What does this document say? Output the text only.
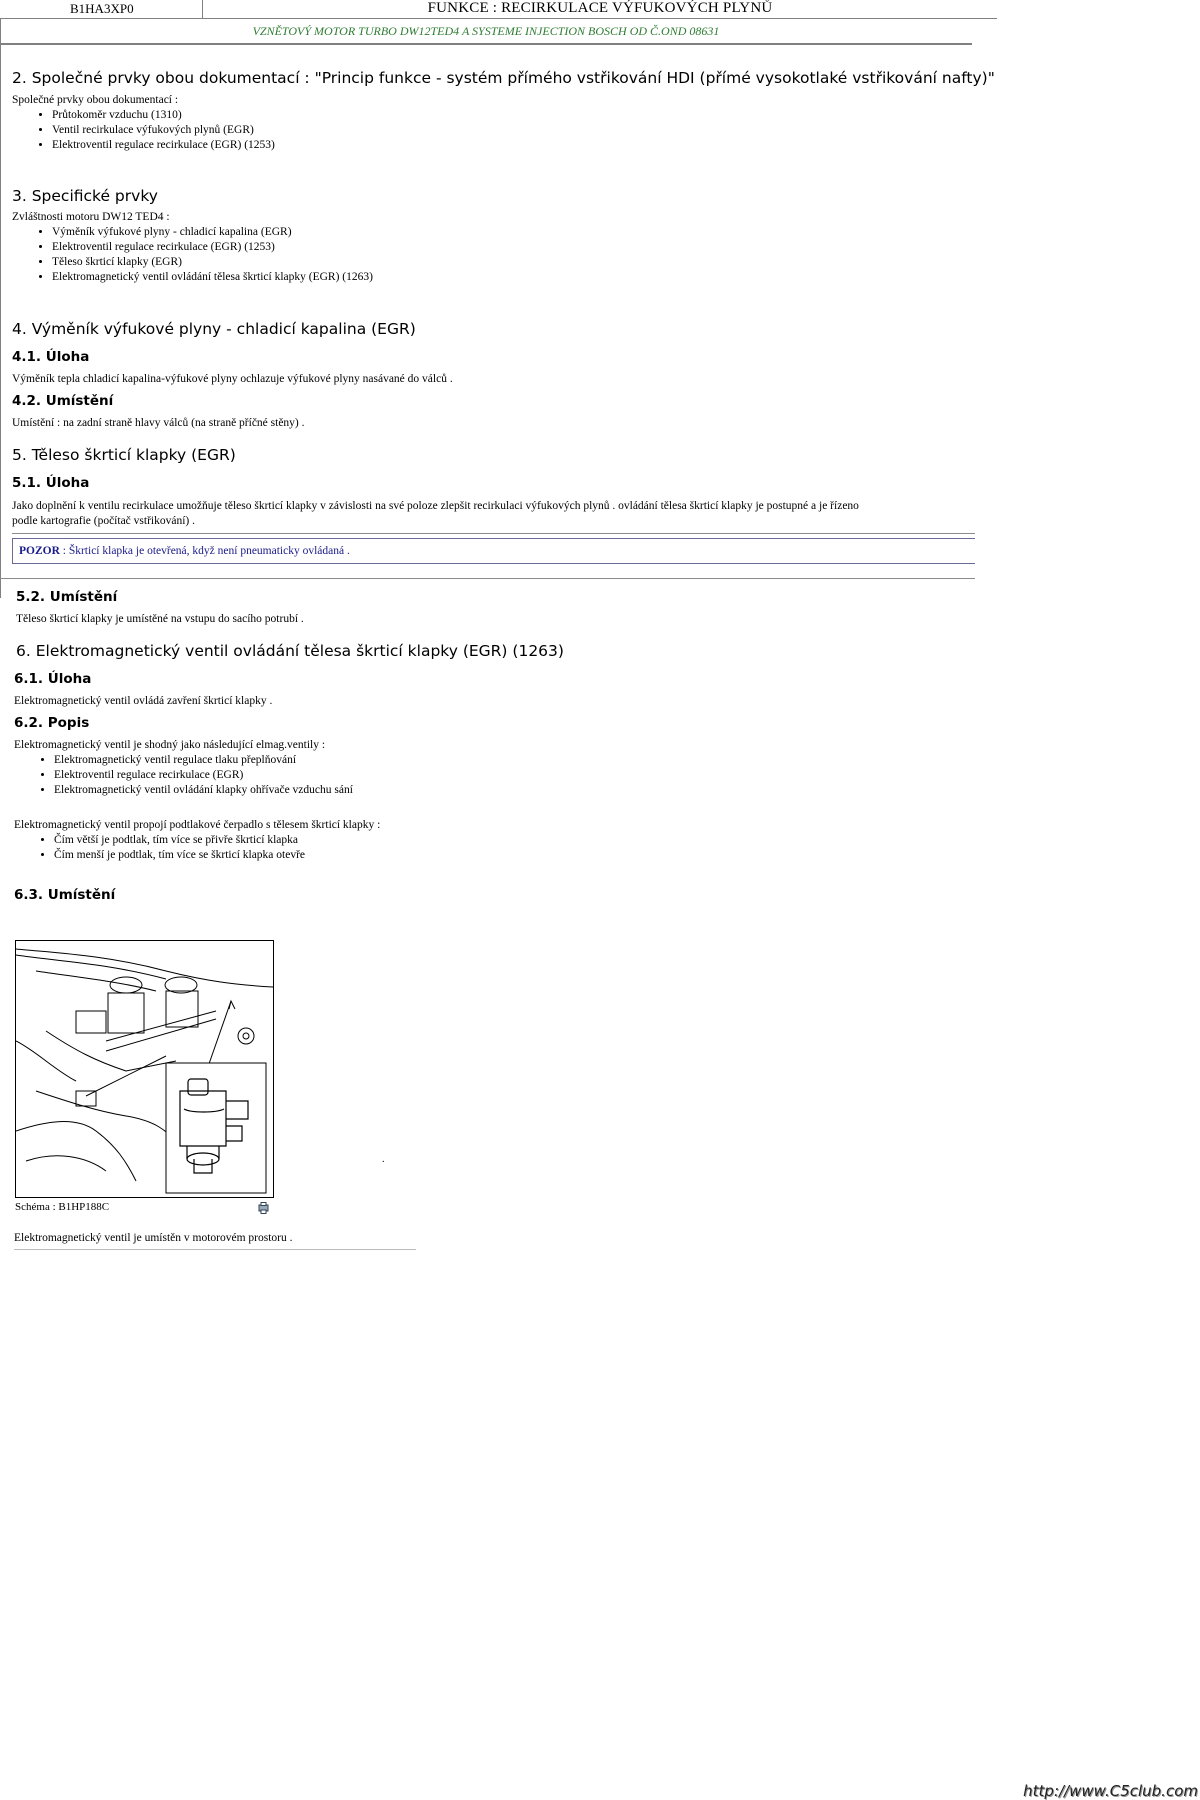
B1HA3XP0	FUNKCE : RECIRKULACE VÝFUKOVÝCH PLYNŮ
VZNĚTOVÝ MOTOR TURBO DW12TED4 A SYSTEME INJECTION BOSCH OD Č.OND 08631
2. Společné prvky obou dokumentací : "Princip funkce - systém přímého vstřikování HDI (přímé vysokotlaké vstřikování nafty)"

Společné prvky obou dokumentací :

• Průtokoměr vzduchu (1310)
• Ventil recirkulace výfukových plynů (EGR)
• Elektroventil regulace recirkulace (EGR) (1253)
3. Specifické prvky

Zvláštnosti motoru DW12 TED4 :

• Výměník výfukové plyny - chladicí kapalina (EGR)
• Elektroventil regulace recirkulace (EGR) (1253)
• Těleso škrticí klapky (EGR)
• Elektromagnetický ventil ovládání tělesa škrticí klapky (EGR) (1263)
4. Výměník výfukové plyny - chladicí kapalina (EGR)
4.1. Úloha

Výměník tepla chladicí kapalina-výfukové plyny ochlazuje výfukové plyny nasávané do válců .

4.2. Umístění

Umístění : na zadní straně hlavy válců (na straně příčné stěny) .

5. Těleso škrticí klapky (EGR)
5.1. Úloha

Jako doplnění k ventilu recirkulace umožňuje těleso škrticí klapky v závislosti na své poloze zlepšit recirkulaci výfukových plynů . ovládání tělesa škrticí klapky je postupné a je řízeno

podle kartografie (počítač vstřikování) .

POZOR : Škrticí klapka je otevřená, když není pneumaticky ovládaná .
5.2. Umístění

Těleso škrticí klapky je umístěné na vstupu do sacího potrubí .

6. Elektromagnetický ventil ovládání tělesa škrticí klapky (EGR) (1263)
6.1. Úloha

Elektromagnetický ventil ovládá zavření škrticí klapky .

6.2. Popis

Elektromagnetický ventil je shodný jako následující elmag.ventily :

• Elektromagnetický ventil regulace tlaku přeplňování
• Elektroventil regulace recirkulace (EGR)
• Elektromagnetický ventil ovládání klapky ohřívače vzduchu sání

Elektromagnetický ventil propojí podtlakové čerpadlo s tělesem škrticí klapky :

• Čím větší je podtlak, tím více se přivře škrticí klapka
• Čím menší je podtlak, tím více se škrticí klapka otevře
6.3. Umístění
.
Schéma : B1HP188C

Elektromagnetický ventil je umístěn v motorovém prostoru .

http://www.C5club.com
